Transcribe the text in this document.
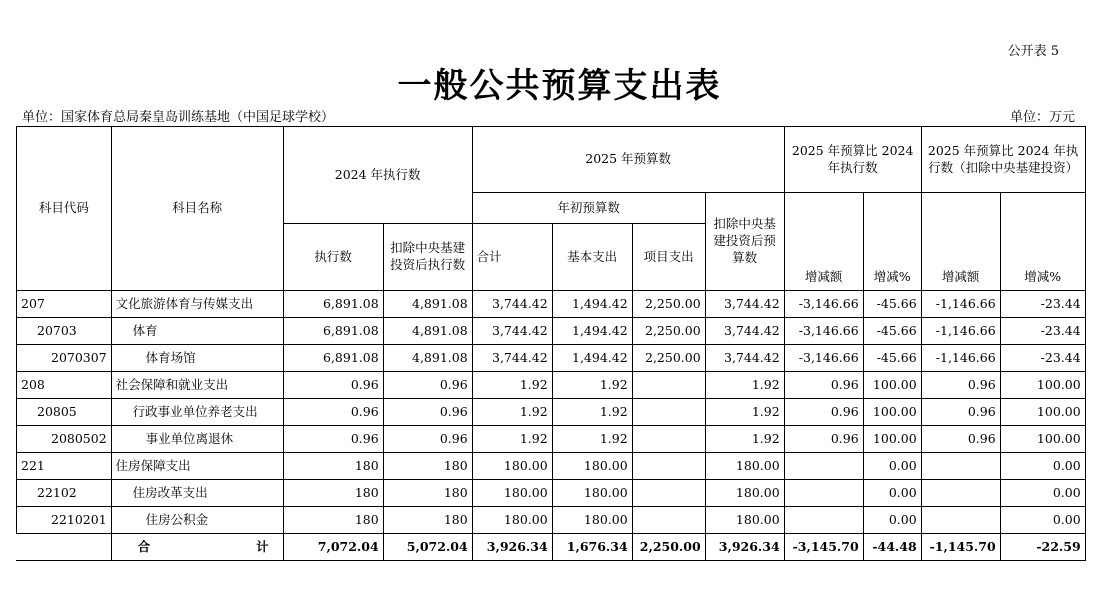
公开表 5
一般公共预算支出表
单位：国家体育总局秦皇岛训练基地（中国足球学校）	单位：万元
科目代码	科目名称	2024 年执行数		2025 年预算数				2025 年预算比 2024 年执行数		2025 年预算比 2024 年执行数（扣除中央基建投资）	
				年初预算数			扣除中央基建投资后预算数	增减额	增减%	增减额	增减%
		执行数	扣除中央基建投资后执行数	合计	基本支出	项目支出					
207	文化旅游体育与传媒支出	6,891.08	4,891.08	3,744.42	1,494.42	2,250.00	3,744.42	-3,146.66	-45.66	-1,146.66	-23.44
20703	体育	6,891.08	4,891.08	3,744.42	1,494.42	2,250.00	3,744.42	-3,146.66	-45.66	-1,146.66	-23.44
2070307	体育场馆	6,891.08	4,891.08	3,744.42	1,494.42	2,250.00	3,744.42	-3,146.66	-45.66	-1,146.66	-23.44
208	社会保障和就业支出	0.96	0.96	1.92	1.92		1.92	0.96	100.00	0.96	100.00
20805	行政事业单位养老支出	0.96	0.96	1.92	1.92		1.92	0.96	100.00	0.96	100.00
2080502	事业单位离退休	0.96	0.96	1.92	1.92		1.92	0.96	100.00	0.96	100.00
221	住房保障支出	180	180	180.00	180.00		180.00		0.00		0.00
22102	住房改革支出	180	180	180.00	180.00		180.00		0.00		0.00
2210201	住房公积金	180	180	180.00	180.00		180.00		0.00		0.00

	合 计	7,072.04	5,072.04	3,926.34	1,676.34	2,250.00	3,926.34	-3,145.70	-44.48	-1,145.70	-22.59
